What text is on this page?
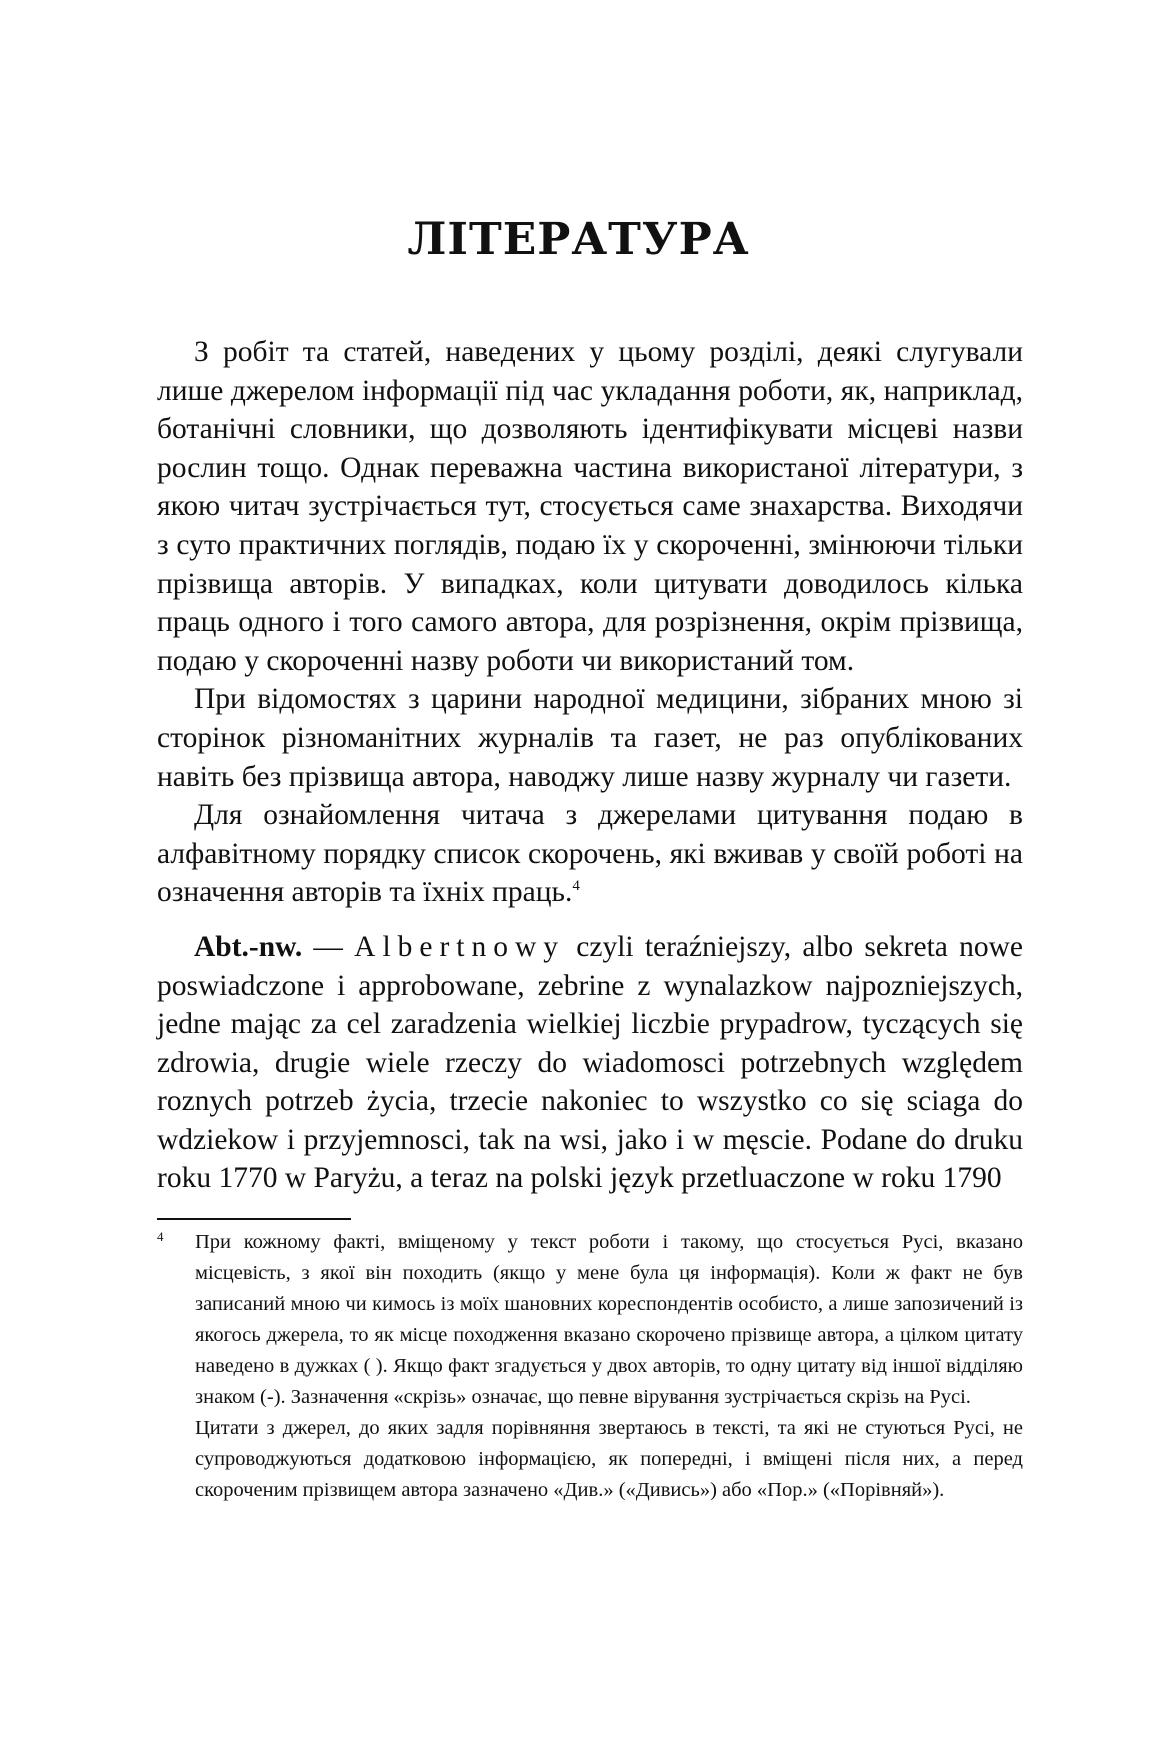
ЛІТЕРАТУРА

З робіт та статей, наведених у цьому розділі, деякі слугували лише джерелом інформації під час укладання роботи, як, наприклад, ботанічні словники, що дозволяють ідентифікувати місцеві назви рослин тощо. Однак переважна частина використаної літератури, з якою читач зустрічається тут, стосується саме знахарства. Виходячи з суто практичних поглядів, подаю їх у скороченні, змінюючи тільки прізвища авторів. У випадках, коли цитувати доводилось кілька праць одного і того самого автора, для розрізнення, окрім прізвища, подаю у скороченні назву роботи чи використаний том.

При відомостях з царини народної медицини, зібраних мною зі сторінок різноманітних журналів та газет, не раз опублікованих навіть без прізвища автора, наводжу лише назву журналу чи газети.

Для ознайомлення читача з джерелами цитування подаю в алфавітному порядку список скорочень, які вживав у своїй роботі на означення авторів та їхніх праць.$^4$

Abt.-nw. — Albertnowy czyli teraźniejszy, albo sekreta nowe poswiadczone i approbowane, zebrine z wynalazkow najpozniejszych, jedne mając za cel zaradzenia wielkiej liczbie prypadrow, tyczących się zdrowia, drugie wiele rzeczy do wiadomosci potrzebnych względem roznych potrzeb życia, trzecie nakoniec to wszystko co się sciaga do wdziekow i przyjemnosci, tak na wsi, jako i w męscie. Podane do druku roku 1770 w Paryżu, a teraz na polski język przetluaczone w roku 1790
4 При кожному факті, вміщеному у текст роботи і такому, що стосується Русі, вказано місцевість, з якої він походить (якщо у мене була ця інформація). Коли ж факт не був записаний мною чи кимось із моїх шановних кореспондентів особисто, а лише запозичений із якогось джерела, то як місце походження вказано скорочено прізвище автора, а цілком цитату наведено в дужках ( ). Якщо факт згадується у двох авторів, то одну цитату від іншої відділяю знаком (-). Зазначення «скрізь» означає, що певне вірування зустрічається скрізь на Русі.

Цитати з джерел, до яких задля порівняння звертаюсь в тексті, та які не стуються Русі, не супроводжуються додатковою інформацією, як попередні, і вміщені після них, а перед скороченим прізвищем автора зазначено «Див.» («Дивись») або «Пор.» («Порівняй»).
